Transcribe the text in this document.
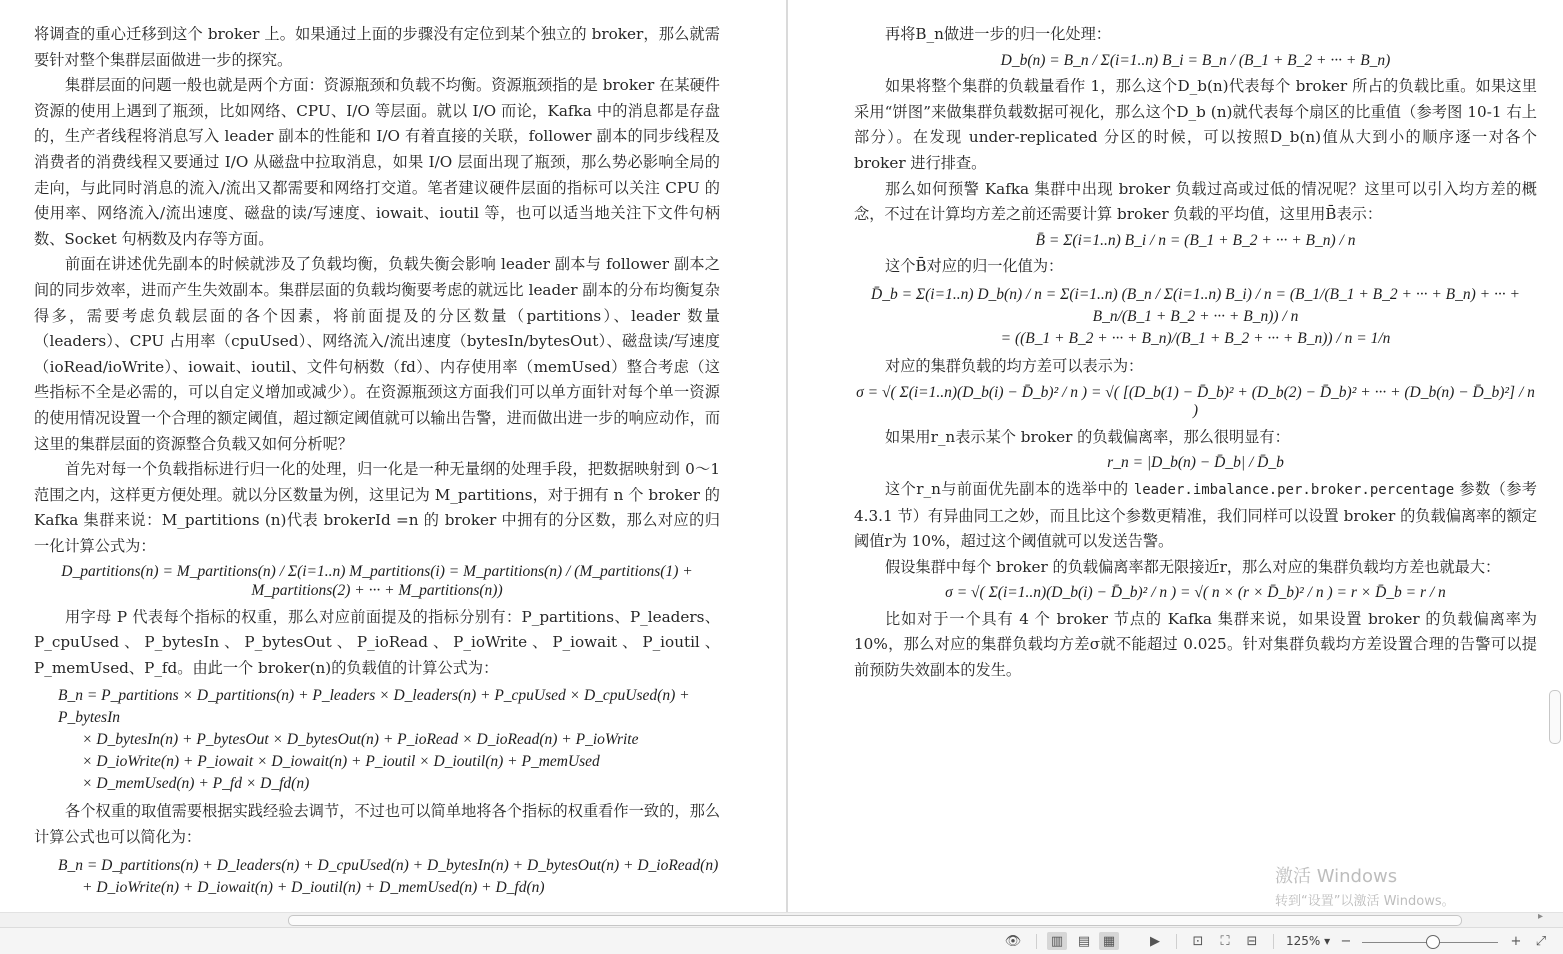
将调查的重心迁移到这个 broker 上。如果通过上面的步骤没有定位到某个独立的 broker，那么就需要针对整个集群层面做进一步的探究。

集群层面的问题一般也就是两个方面：资源瓶颈和负载不均衡。资源瓶颈指的是 broker 在某硬件资源的使用上遇到了瓶颈，比如网络、CPU、I/O 等层面。就以 I/O 而论，Kafka 中的消息都是存盘的，生产者线程将消息写入 leader 副本的性能和 I/O 有着直接的关联，follower 副本的同步线程及消费者的消费线程又要通过 I/O 从磁盘中拉取消息，如果 I/O 层面出现了瓶颈，那么势必影响全局的走向，与此同时消息的流入/流出又都需要和网络打交道。笔者建议硬件层面的指标可以关注 CPU 的使用率、网络流入/流出速度、磁盘的读/写速度、iowait、ioutil 等，也可以适当地关注下文件句柄数、Socket 句柄数及内存等方面。

前面在讲述优先副本的时候就涉及了负载均衡，负载失衡会影响 leader 副本与 follower 副本之间的同步效率，进而产生失效副本。集群层面的负载均衡要考虑的就远比 leader 副本的分布均衡复杂得多，需要考虑负载层面的各个因素，将前面提及的分区数量（partitions）、leader 数量（leaders）、CPU 占用率（cpuUsed）、网络流入/流出速度（bytesIn/bytesOut）、磁盘读/写速度（ioRead/ioWrite）、iowait、ioutil、文件句柄数（fd）、内存使用率（memUsed）整合考虑（这些指标不全是必需的，可以自定义增加或减少）。在资源瓶颈这方面我们可以单方面针对每个单一资源的使用情况设置一个合理的额定阈值，超过额定阈值就可以输出告警，进而做出进一步的响应动作，而这里的集群层面的资源整合负载又如何分析呢？

首先对每一个负载指标进行归一化的处理，归一化是一种无量纲的处理手段，把数据映射到 0～1 范围之内，这样更方便处理。就以分区数量为例，这里记为 M_partitions，对于拥有 n 个 broker 的 Kafka 集群来说：M_partitions (n)代表 brokerId =n 的 broker 中拥有的分区数，那么对应的归一化计算公式为：

D_partitions(n) = M_partitions(n) / Σ(i=1..n) M_partitions(i) = M_partitions(n) / (M_partitions(1) + M_partitions(2) + ··· + M_partitions(n))

用字母 P 代表每个指标的权重，那么对应前面提及的指标分别有：P_partitions、P_leaders、P_cpuUsed、P_bytesIn、P_bytesOut、P_ioRead、P_ioWrite、P_iowait、P_ioutil、P_memUsed、P_fd。由此一个 broker(n)的负载值的计算公式为：

B_n = P_partitions × D_partitions(n) + P_leaders × D_leaders(n) + P_cpuUsed × D_cpuUsed(n) + P_bytesIn
× D_bytesIn(n) + P_bytesOut × D_bytesOut(n) + P_ioRead × D_ioRead(n) + P_ioWrite
× D_ioWrite(n) + P_iowait × D_iowait(n) + P_ioutil × D_ioutil(n) + P_memUsed
× D_memUsed(n) + P_fd × D_fd(n)

各个权重的取值需要根据实践经验去调节，不过也可以简单地将各个指标的权重看作一致的，那么计算公式也可以简化为：

B_n = D_partitions(n) + D_leaders(n) + D_cpuUsed(n) + D_bytesIn(n) + D_bytesOut(n) + D_ioRead(n)
+ D_ioWrite(n) + D_iowait(n) + D_ioutil(n) + D_memUsed(n) + D_fd(n)

再将B_n做进一步的归一化处理：

D_b(n) = B_n / Σ(i=1..n) B_i = B_n / (B_1 + B_2 + ··· + B_n)

如果将整个集群的负载量看作 1，那么这个D_b(n)代表每个 broker 所占的负载比重。如果这里采用“饼图”来做集群负载数据可视化，那么这个D_b (n)就代表每个扇区的比重值（参考图 10-1 右上部分）。在发现 under-replicated 分区的时候，可以按照D_b(n)值从大到小的顺序逐一对各个 broker 进行排查。

那么如何预警 Kafka 集群中出现 broker 负载过高或过低的情况呢？这里可以引入均方差的概念，不过在计算均方差之前还需要计算 broker 负载的平均值，这里用B̄表示：

B̄ = Σ(i=1..n) B_i / n = (B_1 + B_2 + ··· + B_n) / n

这个B̄对应的归一化值为：

D̄_b = Σ(i=1..n) D_b(n) / n = Σ(i=1..n) (B_n / Σ(i=1..n) B_i) / n = (B_1/(B_1 + B_2 + ··· + B_n) + ··· + B_n/(B_1 + B_2 + ··· + B_n)) / n
= ((B_1 + B_2 + ··· + B_n)/(B_1 + B_2 + ··· + B_n)) / n = 1/n

对应的集群负载的均方差可以表示为：

σ = √( Σ(i=1..n)(D_b(i) − D̄_b)² / n ) = √( [(D_b(1) − D̄_b)² + (D_b(2) − D̄_b)² + ··· + (D_b(n) − D̄_b)²] / n )

如果用r_n表示某个 broker 的负载偏离率，那么很明显有：

r_n = |D_b(n) − D̄_b| / D̄_b

这个r_n与前面优先副本的选举中的 leader.imbalance.per.broker.percentage 参数（参考 4.3.1 节）有异曲同工之妙，而且比这个参数更精准，我们同样可以设置 broker 的负载偏离率的额定阈值r为 10%，超过这个阈值就可以发送告警。

假设集群中每个 broker 的负载偏离率都无限接近r，那么对应的集群负载均方差也就最大：

σ = √( Σ(i=1..n)(D_b(i) − D̄_b)² / n ) = √( n × (r × D̄_b)² / n ) = r × D̄_b = r / n

比如对于一个具有 4 个 broker 节点的 Kafka 集群来说，如果设置 broker 的负载偏离率为 10%，那么对应的集群负载均方差σ就不能超过 0.025。针对集群负载均方差设置合理的告警可以提前预防失效副本的发生。

激活 Windows
转到“设置”以激活 Windows。
▸
👁 ▥ ▤ ▦	▶	⊡	⛶	⊟	125% ▾ −	+	⤢
